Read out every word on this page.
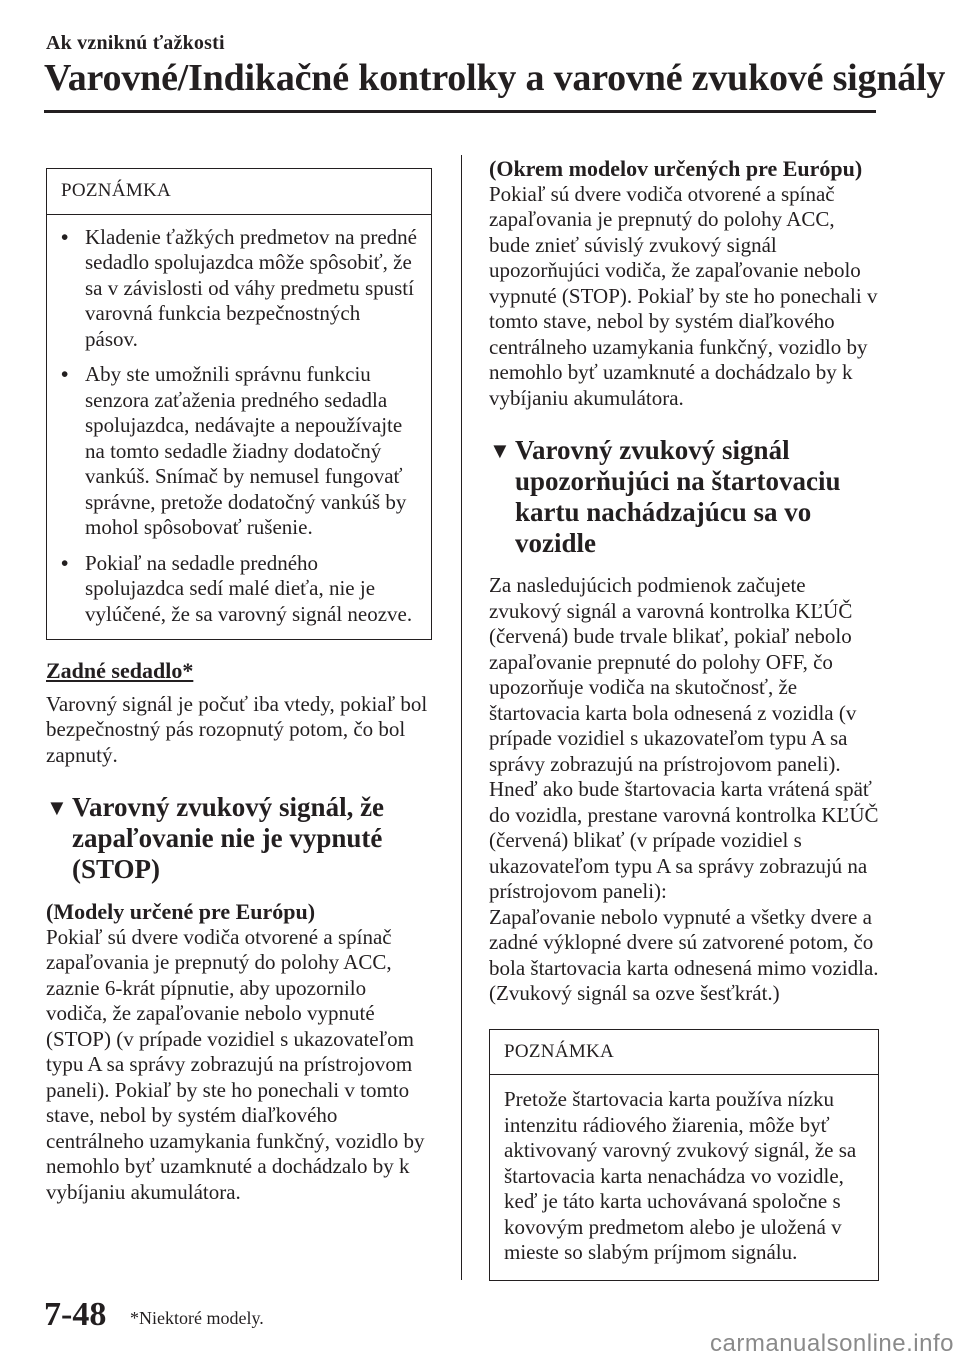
Ak vzniknú ťažkosti
Varovné/Indikačné kontrolky a varovné zvukové signály
POZNÁMKA
• Kladenie ťažkých predmetov na predné sedadlo spolujazdca môže spôsobiť, že sa v závislosti od váhy predmetu spustí varovná funkcia bezpečnostných pásov.
• Aby ste umožnili správnu funkciu senzora zaťaženia predného sedadla spolujazdca, nedávajte a nepoužívajte na tomto sedadle žiadny dodatočný vankúš. Snímač by nemusel fungovať správne, pretože dodatočný vankúš by mohol spôsobovať rušenie.
• Pokiaľ na sedadle predného spolujazdca sedí malé dieťa, nie je vylúčené, že sa varovný signál neozve.
Zadné sedadlo*

Varovný signál je počuť iba vtedy, pokiaľ bol bezpečnostný pás rozopnutý potom, čo bol zapnutý.

▼ Varovný zvukový signál, že zapaľovanie nie je vypnuté (STOP)
(Modely určené pre Európu)

Pokiaľ sú dvere vodiča otvorené a spínač zapaľovania je prepnutý do polohy ACC, zaznie 6-krát pípnutie, aby upozornilo vodiča, že zapaľovanie nebolo vypnuté (STOP) (v prípade vozidiel s ukazovateľom typu A sa správy zobrazujú na prístrojovom paneli). Pokiaľ by ste ho ponechali v tomto stave, nebol by systém diaľkového centrálneho uzamykania funkčný, vozidlo by nemohlo byť uzamknuté a dochádzalo by k vybíjaniu akumulátora.

(Okrem modelov určených pre Európu)

Pokiaľ sú dvere vodiča otvorené a spínač zapaľovania je prepnutý do polohy ACC, bude znieť súvislý zvukový signál upozorňujúci vodiča, že zapaľovanie nebolo vypnuté (STOP). Pokiaľ by ste ho ponechali v tomto stave, nebol by systém diaľkového centrálneho uzamykania funkčný, vozidlo by nemohlo byť uzamknuté a dochádzalo by k vybíjaniu akumulátora.

▼ Varovný zvukový signál upozorňujúci na štartovaciu kartu nachádzajúcu sa vo vozidle

Za nasledujúcich podmienok začujete zvukový signál a varovná kontrolka KĽÚČ (červená) bude trvale blikať, pokiaľ nebolo zapaľovanie prepnuté do polohy OFF, čo upozorňuje vodiča na skutočnosť, že štartovacia karta bola odnesená z vozidla (v prípade vozidiel s ukazovateľom typu A sa správy zobrazujú na prístrojovom paneli). Hneď ako bude štartovacia karta vrátená späť do vozidla, prestane varovná kontrolka KĽÚČ (červená) blikať (v prípade vozidiel s ukazovateľom typu A sa správy zobrazujú na prístrojovom paneli):

Zapaľovanie nebolo vypnuté a všetky dvere a zadné výklopné dvere sú zatvorené potom, čo bola štartovacia karta odnesená mimo vozidla. (Zvukový signál sa ozve šesťkrát.)

POZNÁMKA
Pretože štartovacia karta používa nízku intenzitu rádiového žiarenia, môže byť aktivovaný varovný zvukový signál, že sa štartovacia karta nenachádza vo vozidle, keď je táto karta uchovávaná spoločne s kovovým predmetom alebo je uložená v mieste so slabým príjmom signálu.
7-48 *Niektoré modely.
carmanualsonline.info
